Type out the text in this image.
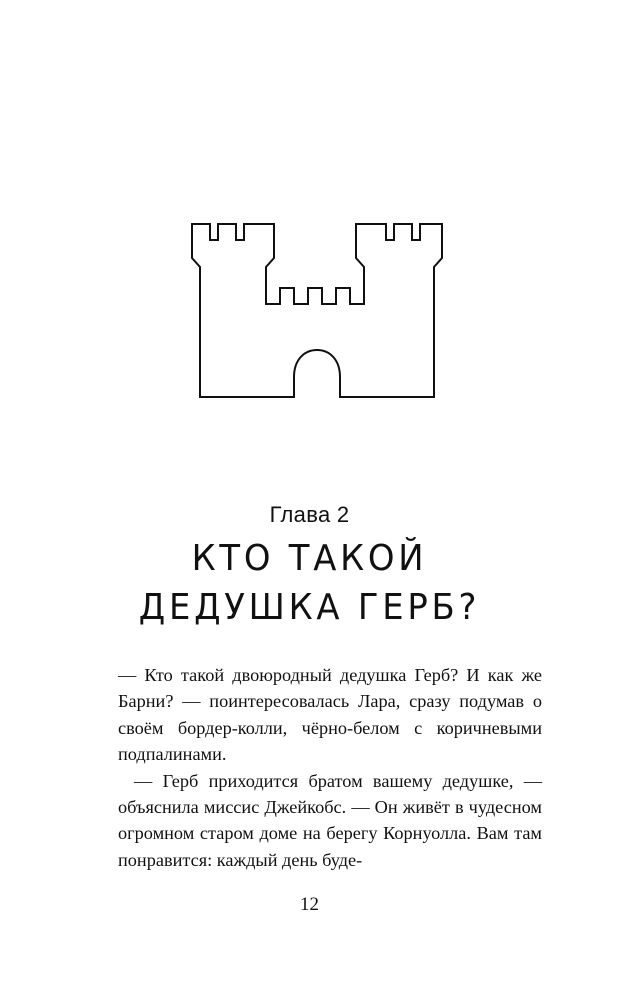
Глава 2
КТО ТАКОЙ
ДЕДУШКА ГЕРБ?

— Кто такой двоюродный дедушка Герб? И как же Барни? — поинтересовалась Лара, сразу подумав о своём бордер-колли, чёрно-белом с коричневыми подпалинами.

— Герб приходится братом вашему дедушке, — объяснила миссис Джейкобс. — Он живёт в чудесном огромном старом доме на берегу Корнуолла. Вам там понравится: каждый день буде-

12
